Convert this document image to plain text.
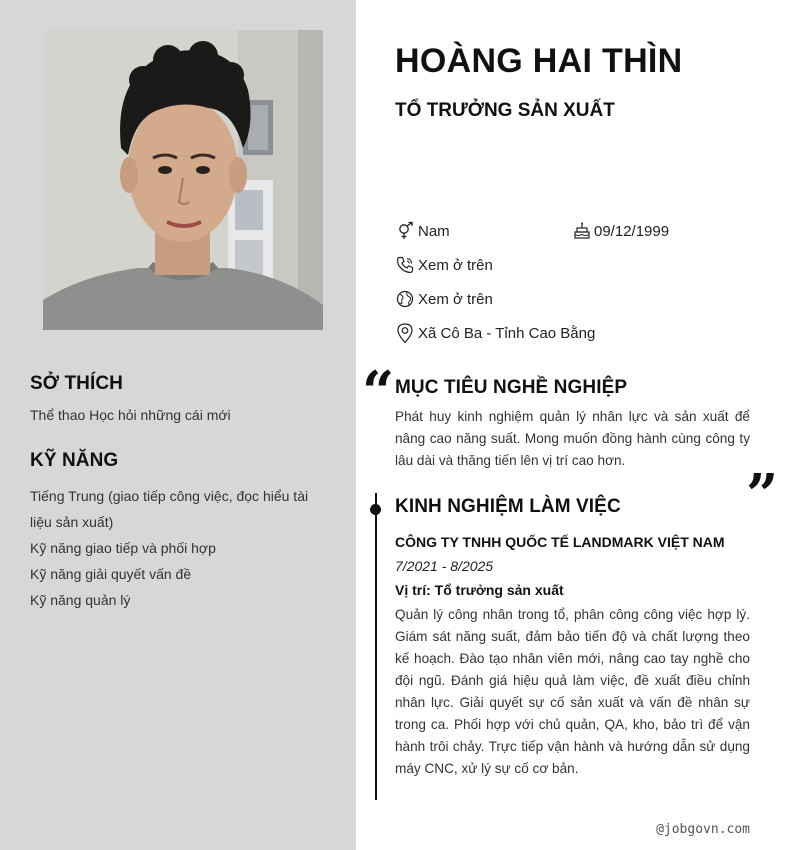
SỞ THÍCH
Thể thao Học hỏi những cái mới
KỸ NĂNG
Tiếng Trung (giao tiếp công việc, đọc hiểu tài liệu sản xuất)
Kỹ năng giao tiếp và phối hợp
Kỹ năng giải quyết vấn đề
Kỹ năng quản lý
HOÀNG HAI THÌN
TỔ TRƯỞNG SẢN XUẤT
Nam	09/12/1999
Xem ở trên
Xem ở trên
Xã Cô Ba - Tỉnh Cao Bằng
“ MỤC TIÊU NGHỀ NGHIỆP
Phát huy kinh nghiệm quản lý nhân lực và sản xuất để nâng cao năng suất. Mong muốn đồng hành cùng công ty lâu dài và thăng tiến lên vị trí cao hơn.
”
KINH NGHIỆM LÀM VIỆC
CÔNG TY TNHH QUỐC TẾ LANDMARK VIỆT NAM
7/2021 - 8/2025
Vị trí: Tổ trưởng sản xuất
Quản lý công nhân trong tổ, phân công công việc hợp lý. Giám sát năng suất, đảm bảo tiến độ và chất lượng theo kế hoạch. Đào tạo nhân viên mới, nâng cao tay nghề cho đội ngũ. Đánh giá hiệu quả làm việc, đề xuất điều chỉnh nhân lực. Giải quyết sự cố sản xuất và vấn đề nhân sự trong ca. Phối hợp với chủ quản, QA, kho, bảo trì để vận hành trôi chảy. Trực tiếp vận hành và hướng dẫn sử dụng máy CNC, xử lý sự cố cơ bản.
@jobgovn.com
